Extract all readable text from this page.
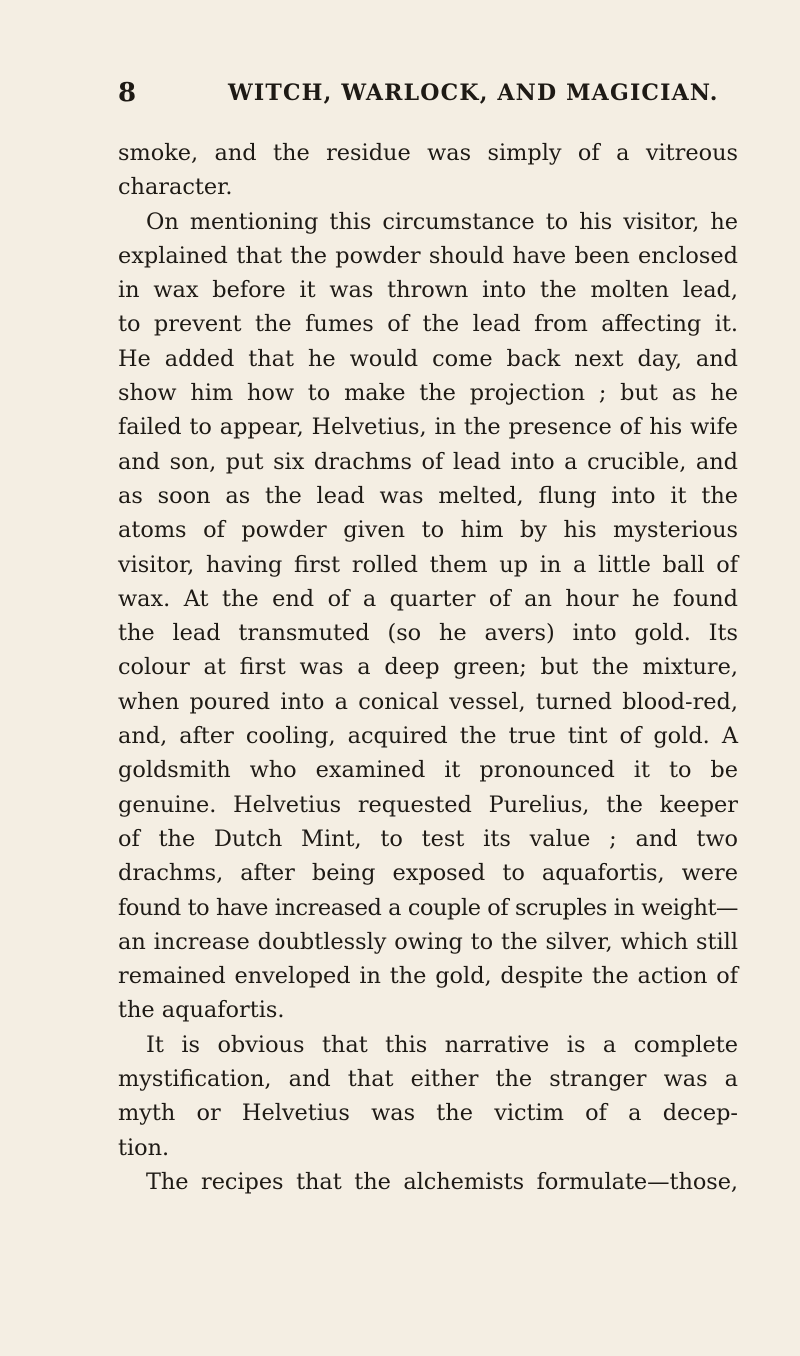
8	WITCH, WARLOCK, AND MAGICIAN.
smoke, and the residue was simply of a vitreous
character.
On mentioning this circumstance to his visitor, he
explained that the powder should have been enclosed
in wax before it was thrown into the molten lead,
to prevent the fumes of the lead from affecting it.
He added that he would come back next day, and
show him how to make the projection ; but as he
failed to appear, Helvetius, in the presence of his wife
and son, put six drachms of lead into a crucible, and
as soon as the lead was melted, flung into it the
atoms of powder given to him by his mysterious
visitor, having first rolled them up in a little ball of
wax. At the end of a quarter of an hour he found
the lead transmuted (so he avers) into gold. Its
colour at first was a deep green; but the mixture,
when poured into a conical vessel, turned blood-red,
and, after cooling, acquired the true tint of gold. A
goldsmith who examined it pronounced it to be
genuine. Helvetius requested Purelius, the keeper
of the Dutch Mint, to test its value ; and two
drachms, after being exposed to aquafortis, were
found to have increased a couple of scruples in weight—
an increase doubtlessly owing to the silver, which still
remained enveloped in the gold, despite the action of
the aquafortis.
It is obvious that this narrative is a complete
mystification, and that either the stranger was a
myth or Helvetius was the victim of a decep-
tion.
The recipes that the alchemists formulate—those,
